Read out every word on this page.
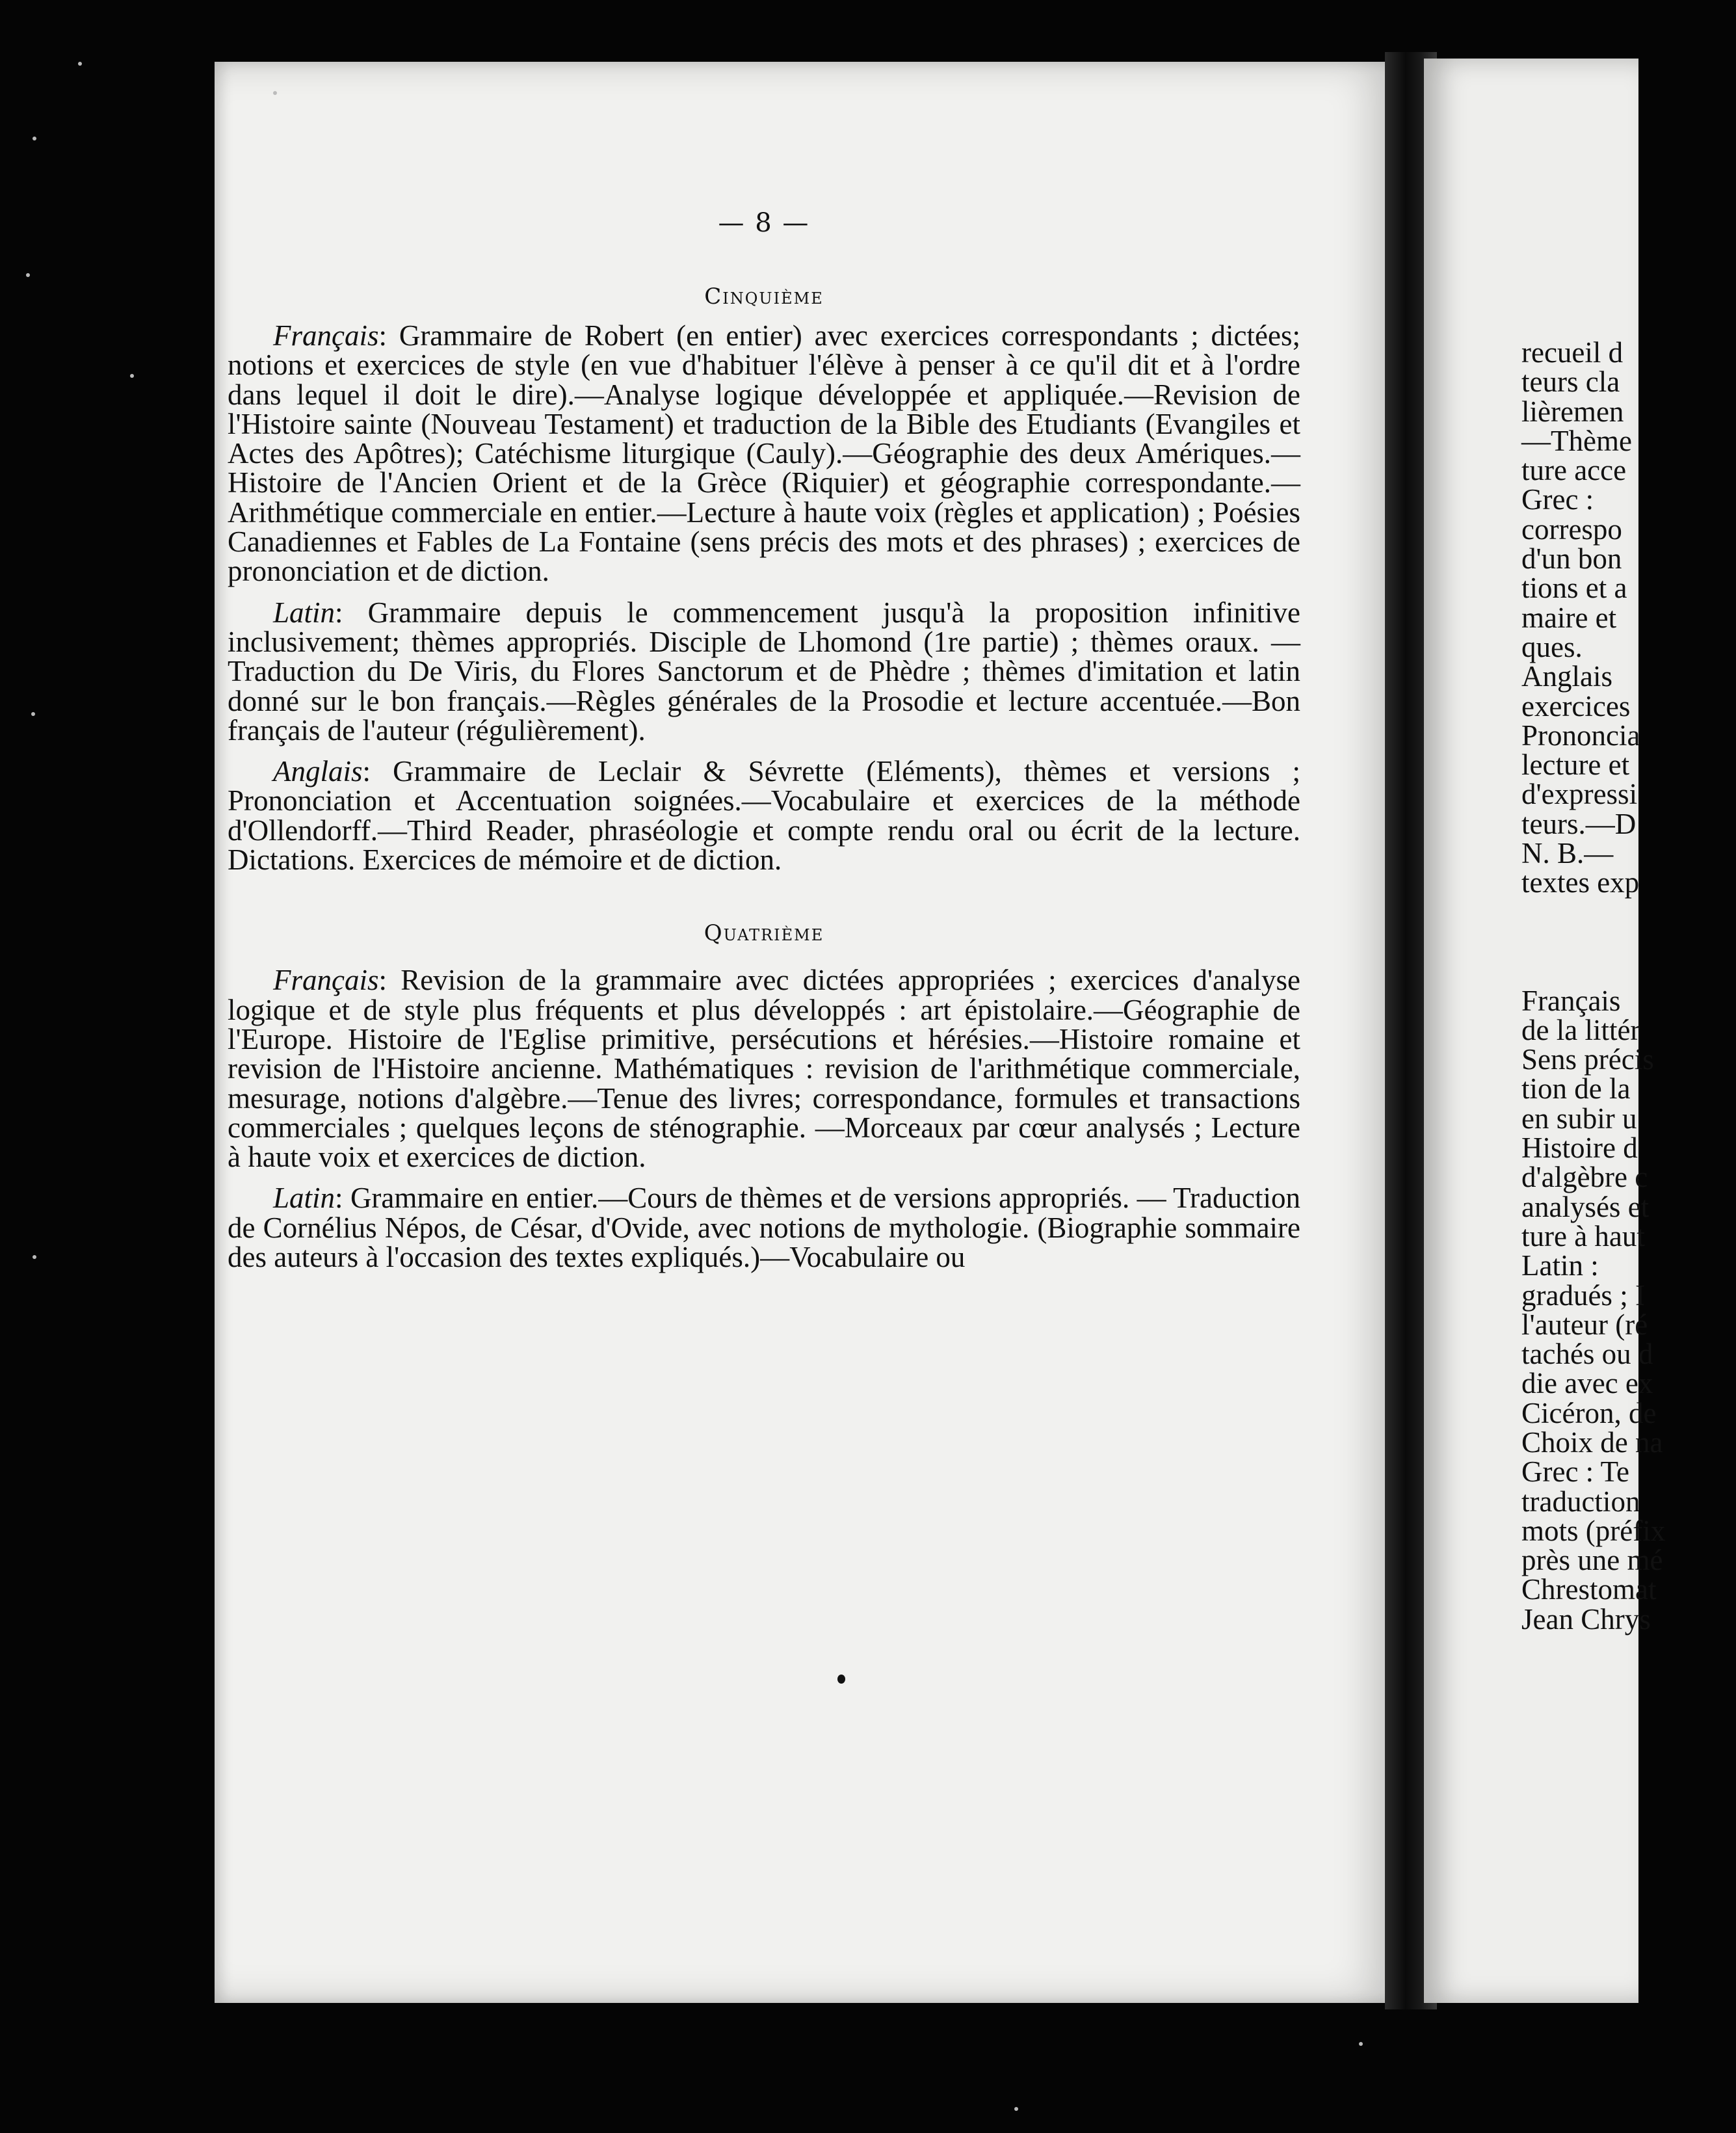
recueil d
teurs cla
lièremen
—Thème
ture acce
Grec :
correspo
d'un bon
tions et a
maire et
ques.
Anglais
exercices
Prononcia
lecture et
d'expressi
teurs.—D
N. B.—
textes exp
Français
de la littér
Sens précis
tion de la
en subir u
Histoire d
d'algèbre c
analysés et
ture à haut
Latin :
gradués ; I
l'auteur (ré
tachés ou d
die avec ex
Cicéron, de
Choix de na
Grec : Te
traduction
mots (préfix
près une mé
Chrestomat
Jean Chrys
— 8 —
Cinquième

Français: Grammaire de Robert (en entier) avec exercices correspondants ; dictées; notions et exercices de style (en vue d'habituer l'élève à penser à ce qu'il dit et à l'ordre dans lequel il doit le dire).—Analyse logique développée et appliquée.—Revision de l'Histoire sainte (Nouveau Testament) et traduction de la Bible des Etudiants (Evangiles et Actes des Apôtres); Catéchisme liturgique (Cauly).—Géographie des deux Amériques.—Histoire de l'Ancien Orient et de la Grèce (Riquier) et géographie correspondante.—Arithmétique commerciale en entier.—Lecture à haute voix (règles et application) ; Poésies Canadiennes et Fables de La Fontaine (sens précis des mots et des phrases) ; exercices de prononciation et de diction.

Latin: Grammaire depuis le commencement jusqu'à la proposition infinitive inclusivement; thèmes appropriés. Disciple de Lhomond (1re partie) ; thèmes oraux. — Traduction du De Viris, du Flores Sanctorum et de Phèdre ; thèmes d'imitation et latin donné sur le bon français.—Règles générales de la Prosodie et lecture accentuée.—Bon français de l'auteur (régulièrement).

Anglais: Grammaire de Leclair & Sévrette (Eléments), thèmes et versions ; Prononciation et Accentuation soignées.—Vocabulaire et exercices de la méthode d'Ollendorff.—Third Reader, phraséologie et compte rendu oral ou écrit de la lecture. Dictations. Exercices de mémoire et de diction.

Quatrième

Français: Revision de la grammaire avec dictées appropriées ; exercices d'analyse logique et de style plus fréquents et plus développés : art épistolaire.—Géographie de l'Europe. Histoire de l'Eglise primitive, persécutions et hérésies.—Histoire romaine et revision de l'Histoire ancienne. Mathématiques : revision de l'arithmétique commerciale, mesurage, notions d'algèbre.—Tenue des livres; correspondance, formules et transactions commerciales ; quelques leçons de sténographie. —Morceaux par cœur analysés ; Lecture à haute voix et exercices de diction.

Latin: Grammaire en entier.—Cours de thèmes et de versions appropriés. — Traduction de Cornélius Népos, de César, d'Ovide, avec notions de mythologie. (Biographie sommaire des auteurs à l'occasion des textes expliqués.)—Vocabulaire ou
